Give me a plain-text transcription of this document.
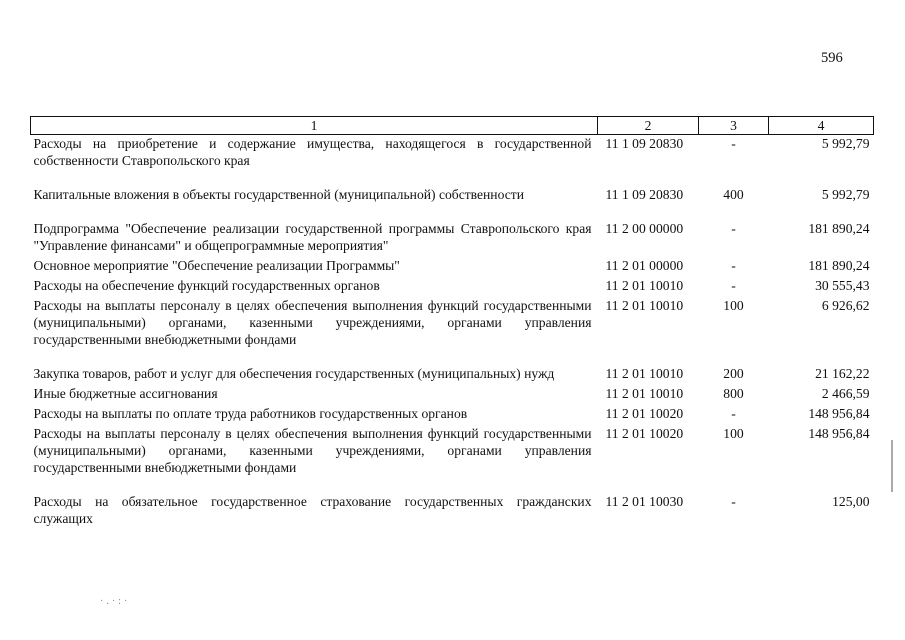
596
1	2	3	4
Расходы на приобретение и содержание имущества, находящегося в государственной собственности Ставропольского края	11 1 09 20830	-	5 992,79
Капитальные вложения в объекты государственной (муниципальной) собственности	11 1 09 20830	400	5 992,79
Подпрограмма "Обеспечение реализации государственной программы Ставропольского края "Управление финансами" и общепрограммные мероприятия"	11 2 00 00000	-	181 890,24
Основное мероприятие "Обеспечение реализации Программы"	11 2 01 00000	-	181 890,24
Расходы на обеспечение функций государственных органов	11 2 01 10010	-	30 555,43
Расходы на выплаты персоналу в целях обеспечения выполнения функций государственными (муниципальными) органами, казенными учреждениями, органами управления государственными внебюджетными фондами	11 2 01 10010	100	6 926,62
Закупка товаров, работ и услуг для обеспечения государственных (муниципальных) нужд	11 2 01 10010	200	21 162,22
Иные бюджетные ассигнования	11 2 01 10010	800	2 466,59
Расходы на выплаты по оплате труда работников государственных органов	11 2 01 10020	-	148 956,84
Расходы на выплаты персоналу в целях обеспечения выполнения функций государственными (муниципальными) органами, казенными учреждениями, органами управления государственными внебюджетными фондами	11 2 01 10020	100	148 956,84
Расходы на обязательное государственное страхование государственных гражданских служащих	11 2 01 10030	-	125,00
·.·:·
